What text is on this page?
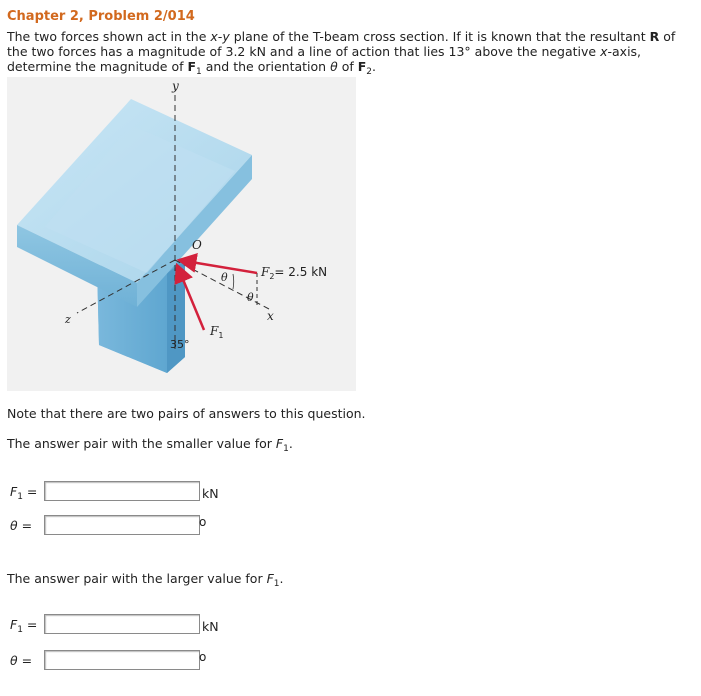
Chapter 2, Problem 2/014
The two forces shown act in the x-y plane of the T-beam cross section. If it is known that the resultant R of the two forces has a magnitude of 3.2 kN and a line of action that lies 13° above the negative x-axis, determine the magnitude of $F_1$ and the orientation θ of $F_2$.
y
z	x
O
θ
θ
$F_2= 2.5$ kN
$F_1$
35°
Note that there are two pairs of answers to this question.
The answer pair with the smaller value for $F_1$.
$F_1$ =	kN
θ =	o
The answer pair with the larger value for $F_1$.
$F_1$ =	kN
θ =	o
